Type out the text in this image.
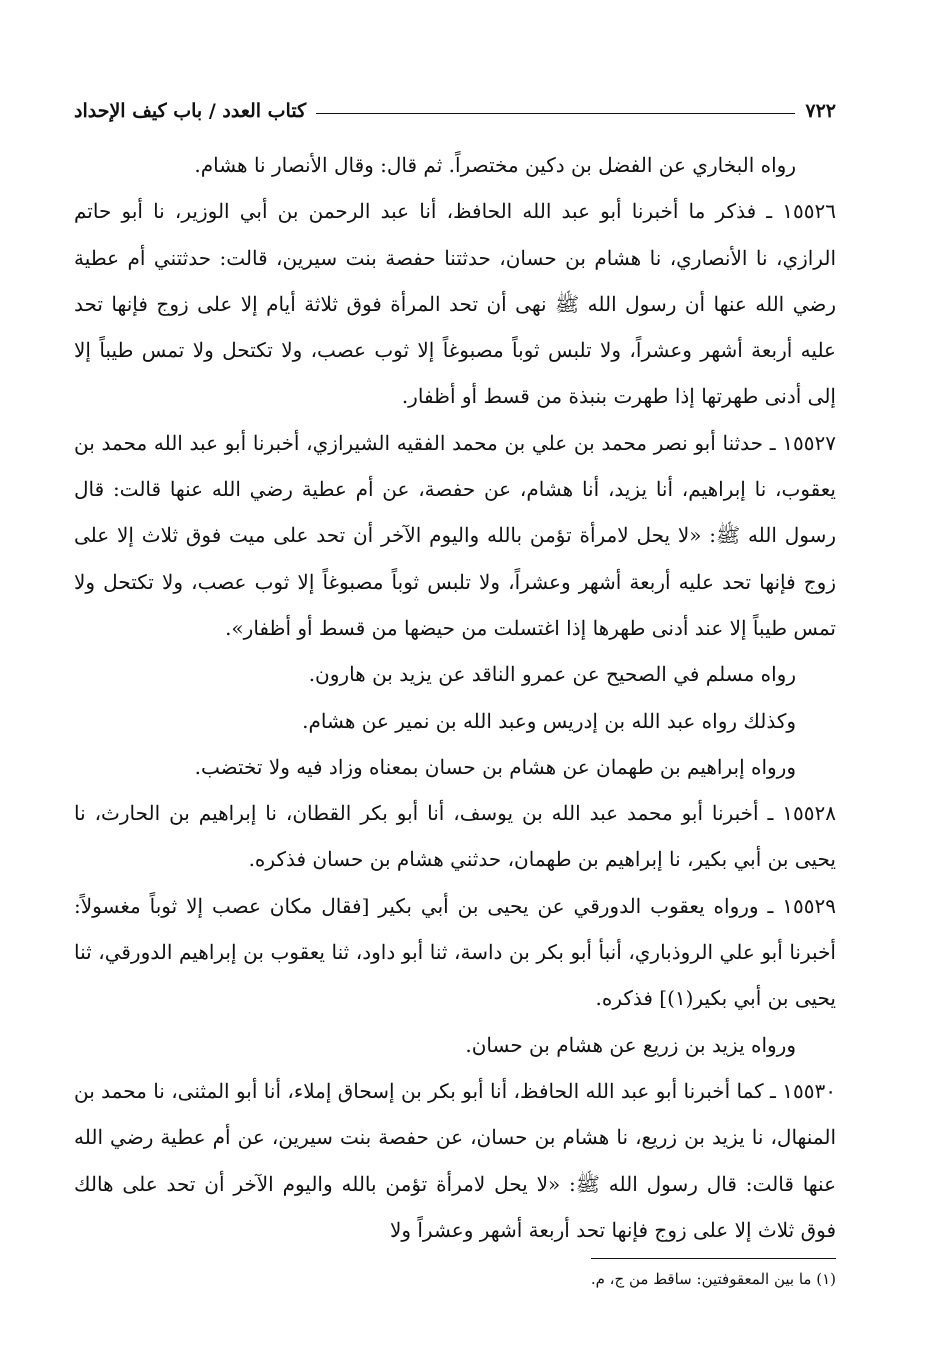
٧٢٢
كتاب العدد / باب كيف الإحداد

رواه البخاري عن الفضل بن دكين مختصراً. ثم قال: وقال الأنصار نا هشام.

١٥٥٢٦ ـ فذكر ما أخبرنا أبو عبد الله الحافظ، أنا عبد الرحمن بن أبي الوزير، نا أبو حاتم الرازي، نا الأنصاري، نا هشام بن حسان، حدثتنا حفصة بنت سيرين، قالت: حدثتني أم عطية رضي الله عنها أن رسول الله ﷺ نهى أن تحد المرأة فوق ثلاثة أيام إلا على زوج فإنها تحد عليه أربعة أشهر وعشراً، ولا تلبس ثوباً مصبوغاً إلا ثوب عصب، ولا تكتحل ولا تمس طيباً إلا إلى أدنى طهرتها إذا طهرت بنبذة من قسط أو أظفار.

١٥٥٢٧ ـ حدثنا أبو نصر محمد بن علي بن محمد الفقيه الشيرازي، أخبرنا أبو عبد الله محمد بن يعقوب، نا إبراهيم، أنا يزيد، أنا هشام، عن حفصة، عن أم عطية رضي الله عنها قالت: قال رسول الله ﷺ: «لا يحل لامرأة تؤمن بالله واليوم الآخر أن تحد على ميت فوق ثلاث إلا على زوج فإنها تحد عليه أربعة أشهر وعشراً، ولا تلبس ثوباً مصبوغاً إلا ثوب عصب، ولا تكتحل ولا تمس طيباً إلا عند أدنى طهرها إذا اغتسلت من حيضها من قسط أو أظفار».

رواه مسلم في الصحيح عن عمرو الناقد عن يزيد بن هارون.

وكذلك رواه عبد الله بن إدريس وعبد الله بن نمير عن هشام.

ورواه إبراهيم بن طهمان عن هشام بن حسان بمعناه وزاد فيه ولا تختضب.

١٥٥٢٨ ـ أخبرنا أبو محمد عبد الله بن يوسف، أنا أبو بكر القطان، نا إبراهيم بن الحارث، نا يحيى بن أبي بكير، نا إبراهيم بن طهمان، حدثني هشام بن حسان فذكره.

١٥٥٢٩ ـ ورواه يعقوب الدورقي عن يحيى بن أبي بكير [فقال مكان عصب إلا ثوباً مغسولاً: أخبرنا أبو علي الروذباري، أنبأ أبو بكر بن داسة، ثنا أبو داود، ثنا يعقوب بن إبراهيم الدورقي، ثنا يحيى بن أبي بكير(١)] فذكره.

ورواه يزيد بن زريع عن هشام بن حسان.

١٥٥٣٠ ـ كما أخبرنا أبو عبد الله الحافظ، أنا أبو بكر بن إسحاق إملاء، أنا أبو المثنى، نا محمد بن المنهال، نا يزيد بن زريع، نا هشام بن حسان، عن حفصة بنت سيرين، عن أم عطية رضي الله عنها قالت: قال رسول الله ﷺ: «لا يحل لامرأة تؤمن بالله واليوم الآخر أن تحد على هالك فوق ثلاث إلا على زوج فإنها تحد أربعة أشهر وعشراً ولا

(١) ما بين المعقوفتين: ساقط من ج، م.
